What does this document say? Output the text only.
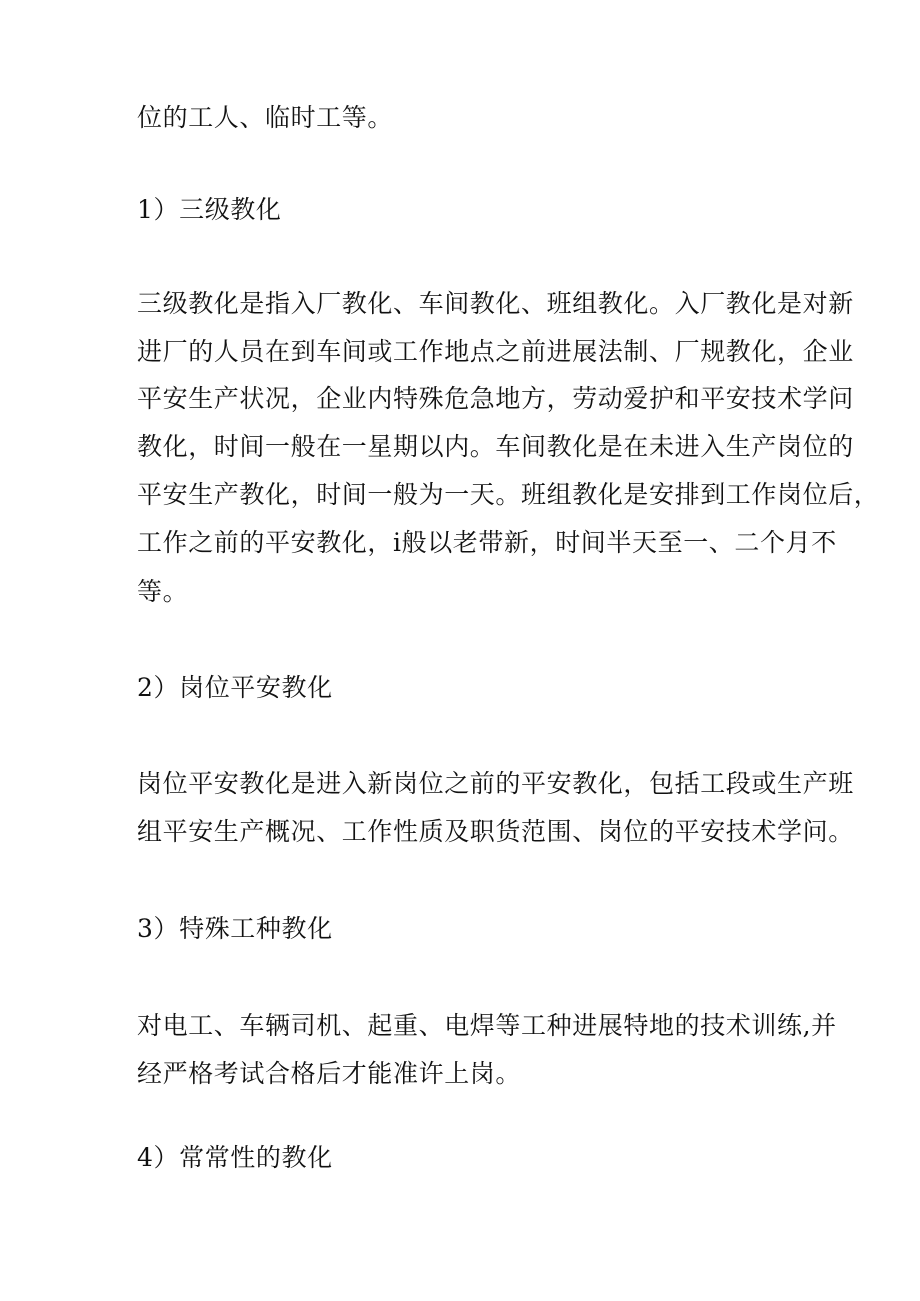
位的工人、临时工等。

1）三级教化

三级教化是指入厂教化、车间教化、班组教化。入厂教化是对新

进厂的人员在到车间或工作地点之前进展法制、厂规教化，企业

平安生产状况，企业内特殊危急地方，劳动爱护和平安技术学问

教化，时间一般在一星期以内。车间教化是在未进入生产岗位的

平安生产教化，时间一般为一天。班组教化是安排到工作岗位后，

工作之前的平安教化，i般以老带新，时间半天至一、二个月不

等。

2）岗位平安教化

岗位平安教化是进入新岗位之前的平安教化，包括工段或生产班

组平安生产概况、工作性质及职货范围、岗位的平安技术学问。

3）特殊工种教化

对电工、车辆司机、起重、电焊等工种进展特地的技术训练,并

经严格考试合格后才能准许上岗。

4）常常性的教化
